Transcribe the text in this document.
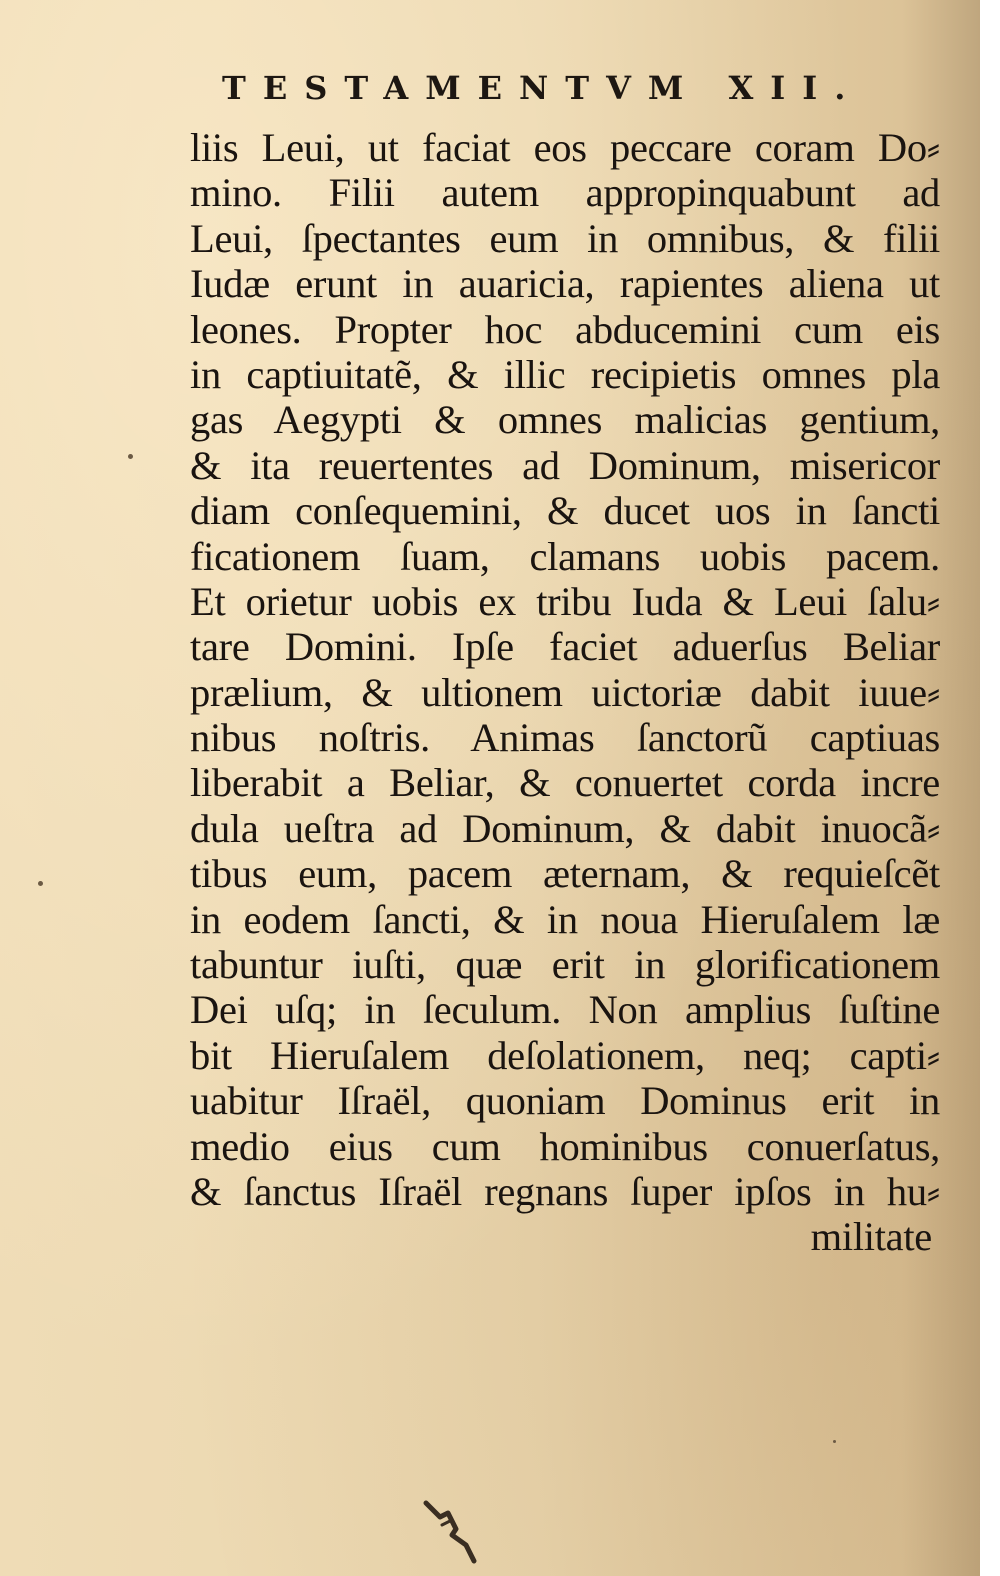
TESTAMENTVM XII.
liis Leui, ut faciat eos peccare coram Do⸗
mino. Filii autem appropinquabunt ad
Leui, ſpectantes eum in omnibus, & filii
Iudæ erunt in auaricia, rapientes aliena ut
leones. Propter hoc abducemini cum eis
in captiuitatẽ, & illic recipietis omnes pla
gas Aegypti & omnes malicias gentium,
& ita reuertentes ad Dominum, misericor
diam conſequemini, & ducet uos in ſancti
ficationem ſuam, clamans uobis pacem.
Et orietur uobis ex tribu Iuda & Leui ſalu⸗
tare Domini. Ipſe faciet aduerſus Beliar
prælium, & ultionem uictoriæ dabit iuue⸗
nibus noſtris. Animas ſanctorũ captiuas
liberabit a Beliar, & conuertet corda incre
dula ueſtra ad Dominum, & dabit inuocã⸗
tibus eum, pacem æternam, & requieſcẽt
in eodem ſancti, & in noua Hieruſalem læ
tabuntur iuſti, quæ erit in glorificationem
Dei uſq; in ſeculum. Non amplius ſuſtine
bit Hieruſalem deſolationem, neq; capti⸗
uabitur Iſraël, quoniam Dominus erit in
medio eius cum hominibus conuerſatus,
& ſanctus Iſraël regnans ſuper ipſos in hu⸗
militate
